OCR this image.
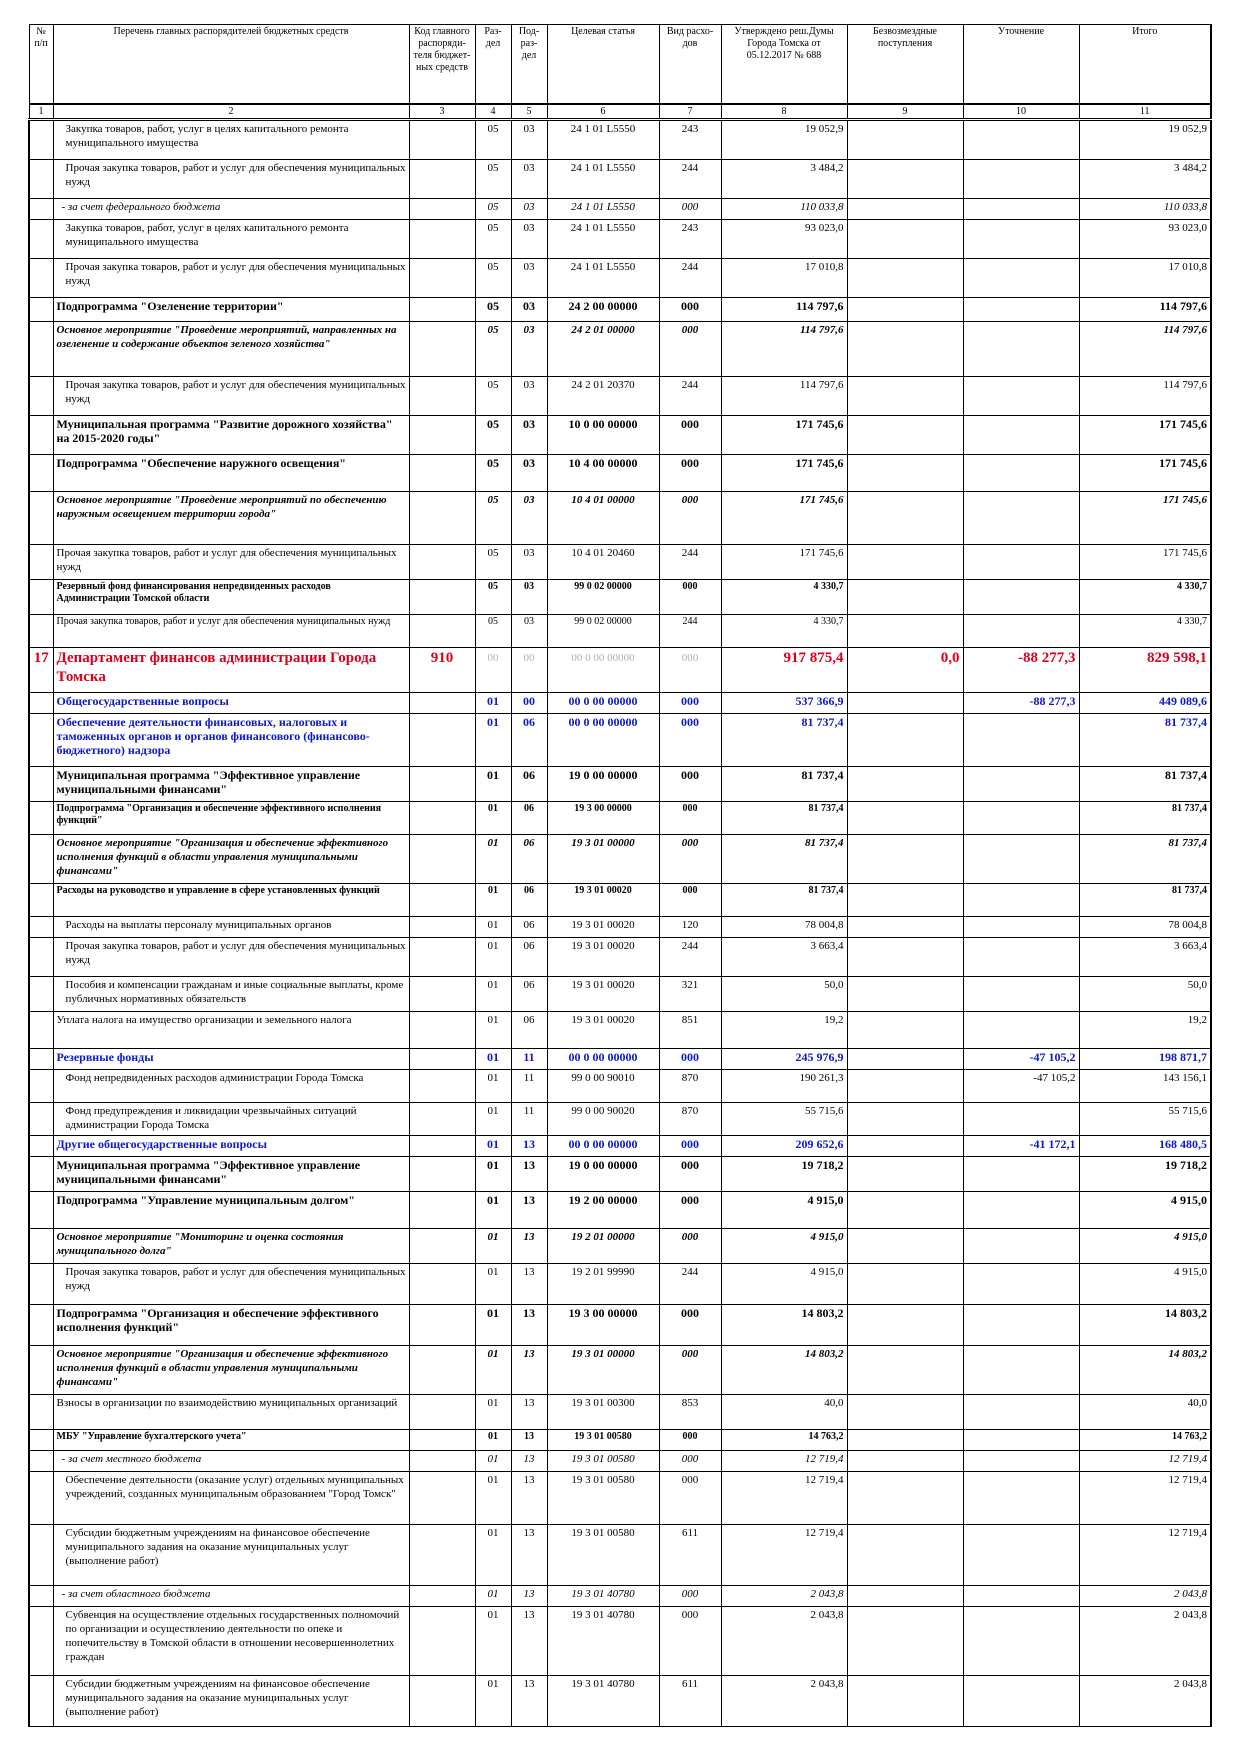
№ п/п	Перечень главных распорядителей бюджетных средств	Код главного распоряди-теля бюджет-ных средств	Раз-дел	Под-раз-дел	Целевая статья	Вид расхо-дов	Утверждено реш.Думы Города Томска от 05.12.2017 № 688	Безвозмездные поступления	Уточнение	Итого
1	2	3	4	5	6	7	8	9	10	11
	Закупка товаров, работ, услуг в целях капитального ремонта муниципального имущества		05	03	24 1 01 L5550	243	19 052,9			19 052,9
	Прочая закупка товаров, работ и услуг для обеспечения муниципальных нужд		05	03	24 1 01 L5550	244	3 484,2			3 484,2
	- за счет федерального бюджета		05	03	24 1 01 L5550	000	110 033,8			110 033,8
	Закупка товаров, работ, услуг в целях капитального ремонта муниципального имущества		05	03	24 1 01 L5550	243	93 023,0			93 023,0
	Прочая закупка товаров, работ и услуг для обеспечения муниципальных нужд		05	03	24 1 01 L5550	244	17 010,8			17 010,8
	Подпрограмма "Озеленение территории"		05	03	24 2 00 00000	000	114 797,6			114 797,6
	Основное мероприятие "Проведение мероприятий, направленных на озеленение и содержание объектов зеленого хозяйства"		05	03	24 2 01 00000	000	114 797,6			114 797,6
	Прочая закупка товаров, работ и услуг для обеспечения муниципальных нужд		05	03	24 2 01 20370	244	114 797,6			114 797,6
	Муниципальная программа "Развитие дорожного хозяйства" на 2015-2020 годы"		05	03	10 0 00 00000	000	171 745,6			171 745,6
	Подпрограмма "Обеспечение наружного освещения"		05	03	10 4 00 00000	000	171 745,6			171 745,6
	Основное мероприятие "Проведение мероприятий по обеспечению наружным освещением территории города"		05	03	10 4 01 00000	000	171 745,6			171 745,6
	Прочая закупка товаров, работ и услуг для обеспечения муниципальных нужд		05	03	10 4 01 20460	244	171 745,6			171 745,6
	Резервный фонд финансирования непредвиденных расходов Администрации Томской области		05	03	99 0 02 00000	000	4 330,7			4 330,7
	Прочая закупка товаров, работ и услуг для обеспечения муниципальных нужд		05	03	99 0 02 00000	244	4 330,7			4 330,7
17	Департамент финансов администрации Города Томска	910	00	00	00 0 00 00000	000	917 875,4	0,0	-88 277,3	829 598,1
	Общегосударственные вопросы		01	00	00 0 00 00000	000	537 366,9		-88 277,3	449 089,6
	Обеспечение деятельности финансовых, налоговых и таможенных органов и органов финансового (финансово-бюджетного) надзора		01	06	00 0 00 00000	000	81 737,4			81 737,4
	Муниципальная программа "Эффективное управление муниципальными финансами"		01	06	19 0 00 00000	000	81 737,4			81 737,4
	Подпрограмма "Организация и обеспечение эффективного исполнения функций"		01	06	19 3 00 00000	000	81 737,4			81 737,4
	Основное мероприятие "Организация и обеспечение эффективного исполнения функций в области управления муниципальными финансами"		01	06	19 3 01 00000	000	81 737,4			81 737,4
	Расходы на руководство и управление в сфере установленных функций		01	06	19 3 01 00020	000	81 737,4			81 737,4
	Расходы на выплаты персоналу муниципальных органов		01	06	19 3 01 00020	120	78 004,8			78 004,8
	Прочая закупка товаров, работ и услуг для обеспечения муниципальных нужд		01	06	19 3 01 00020	244	3 663,4			3 663,4
	Пособия и компенсации гражданам и иные социальные выплаты, кроме публичных нормативных обязательств		01	06	19 3 01 00020	321	50,0			50,0
	Уплата налога на имущество организации и земельного налога		01	06	19 3 01 00020	851	19,2			19,2
	Резервные фонды		01	11	00 0 00 00000	000	245 976,9		-47 105,2	198 871,7
	Фонд непредвиденных расходов администрации Города Томска		01	11	99 0 00 90010	870	190 261,3		-47 105,2	143 156,1
	Фонд предупреждения и ликвидации чрезвычайных ситуаций администрации Города Томска		01	11	99 0 00 90020	870	55 715,6			55 715,6
	Другие общегосударственные вопросы		01	13	00 0 00 00000	000	209 652,6		-41 172,1	168 480,5
	Муниципальная программа "Эффективное управление муниципальными финансами"		01	13	19 0 00 00000	000	19 718,2			19 718,2
	Подпрограмма "Управление муниципальным долгом"		01	13	19 2 00 00000	000	4 915,0			4 915,0
	Основное мероприятие "Мониторинг и оценка состояния муниципального долга"		01	13	19 2 01 00000	000	4 915,0			4 915,0
	Прочая закупка товаров, работ и услуг для обеспечения муниципальных нужд		01	13	19 2 01 99990	244	4 915,0			4 915,0
	Подпрограмма "Организация и обеспечение эффективного исполнения функций"		01	13	19 3 00 00000	000	14 803,2			14 803,2
	Основное мероприятие "Организация и обеспечение эффективного исполнения функций в области управления муниципальными финансами"		01	13	19 3 01 00000	000	14 803,2			14 803,2
	Взносы в организации по взаимодействию муниципальных организаций		01	13	19 3 01 00300	853	40,0			40,0
	МБУ "Управление бухгалтерского учета"		01	13	19 3 01 00580	000	14 763,2			14 763,2
	- за счет местного бюджета		01	13	19 3 01 00580	000	12 719,4			12 719,4
	Обеспечение деятельности (оказание услуг) отдельных муниципальных учреждений, созданных муниципальным образованием "Город Томск"		01	13	19 3 01 00580	000	12 719,4			12 719,4
	Субсидии бюджетным учреждениям на финансовое обеспечение муниципального задания на оказание муниципальных услуг (выполнение работ)		01	13	19 3 01 00580	611	12 719,4			12 719,4
	- за счет областного бюджета		01	13	19 3 01 40780	000	2 043,8			2 043,8
	Субвенция на осуществление отдельных государственных полномочий по организации и осуществлению деятельности по опеке и попечительству в Томской области в отношении несовершеннолетних граждан		01	13	19 3 01 40780	000	2 043,8			2 043,8
	Субсидии бюджетным учреждениям на финансовое обеспечение муниципального задания на оказание муниципальных услуг (выполнение работ)		01	13	19 3 01 40780	611	2 043,8			2 043,8
